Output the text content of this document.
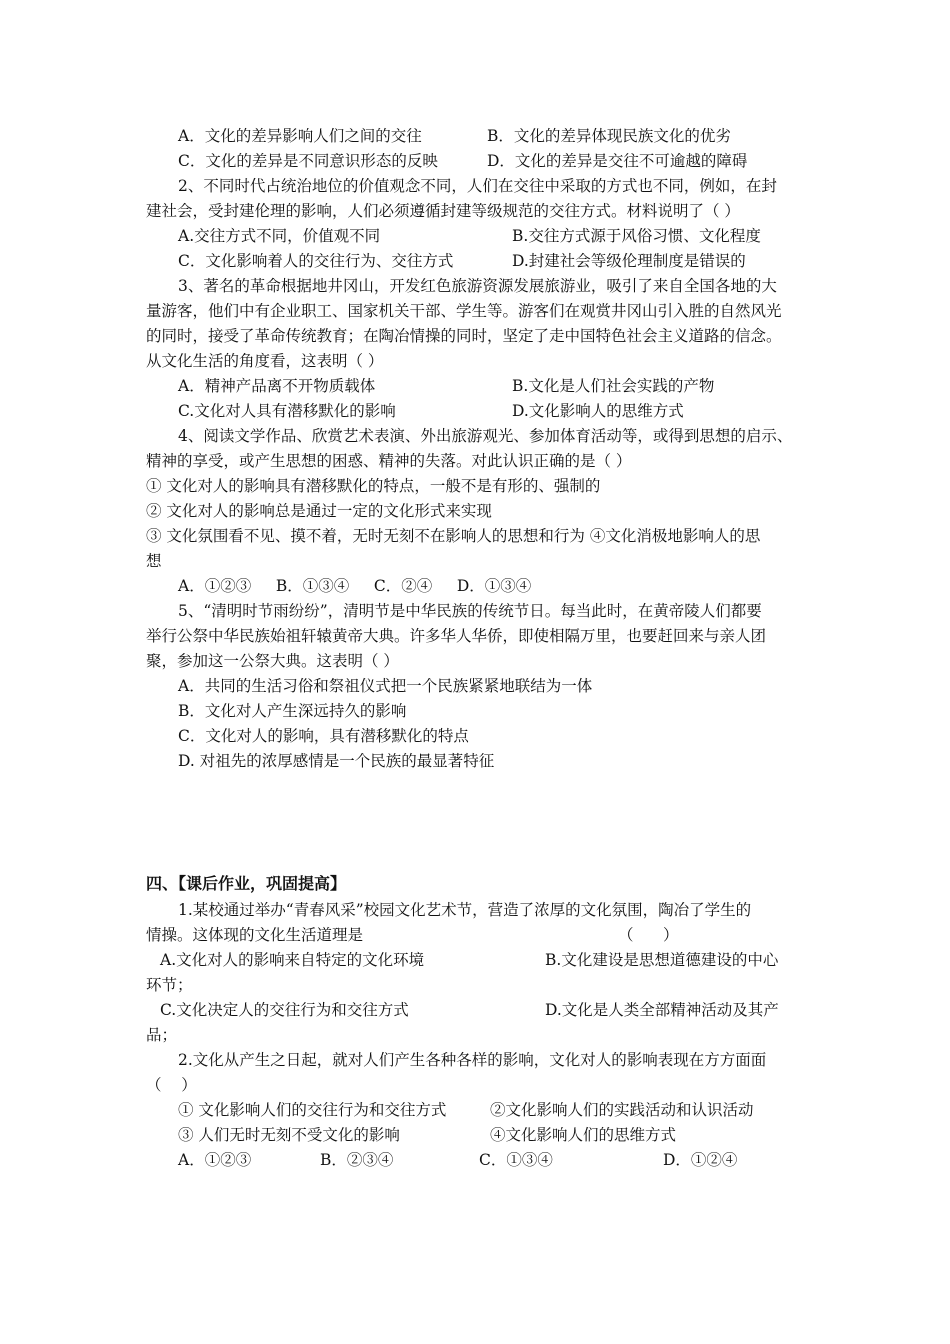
A．文化的差异影响人们之间的交往	B．文化的差异体现民族文化的优劣
C．文化的差异是不同意识形态的反映	D．文化的差异是交往不可逾越的障碍
2、不同时代占统治地位的价值观念不同，人们在交往中采取的方式也不同，例如，在封
建社会，受封建伦理的影响，人们必须遵循封建等级规范的交往方式。材料说明了（ ）
A.交往方式不同，价值观不同	B.交往方式源于风俗习惯、文化程度
C．文化影响着人的交往行为、交往方式	D.封建社会等级伦理制度是错误的
3、著名的革命根据地井冈山，开发红色旅游资源发展旅游业，吸引了来自全国各地的大
量游客，他们中有企业职工、国家机关干部、学生等。游客们在观赏井冈山引入胜的自然风光
的同时，接受了革命传统教育；在陶冶情操的同时，坚定了走中国特色社会主义道路的信念。
从文化生活的角度看，这表明（ ）
A．精神产品离不开物质载体	B.文化是人们社会实践的产物
C.文化对人具有潜移默化的影响	D.文化影响人的思维方式
4、阅读文学作品、欣赏艺术表演、外出旅游观光、参加体育活动等，或得到思想的启示、
精神的享受，或产生思想的困惑、精神的失落。对此认识正确的是（ ）
① 文化对人的影响具有潜移默化的特点，一般不是有形的、强制的
② 文化对人的影响总是通过一定的文化形式来实现
③ 文化氛围看不见、摸不着，无时无刻不在影响人的思想和行为 ④文化消极地影响人的思
想
A．①②③     B．①③④     C．②④     D．①③④
5、“清明时节雨纷纷”，清明节是中华民族的传统节日。每当此时，在黄帝陵人们都要
举行公祭中华民族始祖轩辕黄帝大典。许多华人华侨，即使相隔万里，也要赶回来与亲人团
聚，参加这一公祭大典。这表明（ ）
A．共同的生活习俗和祭祖仪式把一个民族紧紧地联结为一体
B．文化对人产生深远持久的影响
C．文化对人的影响，具有潜移默化的特点
D. 对祖先的浓厚感情是一个民族的最显著特征
四、【课后作业，巩固提高】
1.某校通过举办“青春风采”校园文化艺术节，营造了浓厚的文化氛围，陶冶了学生的
情操。这体现的文化生活道理是	（      ）
A.文化对人的影响来自特定的文化环境	B.文化建设是思想道德建设的中心
环节；
C.文化决定人的交往行为和交往方式	D.文化是人类全部精神活动及其产
品；
2.文化从产生之日起，就对人们产生各种各样的影响，文化对人的影响表现在方方面面
（    ）
① 文化影响人们的交往行为和交往方式	②文化影响人们的实践活动和认识活动
③ 人们无时无刻不受文化的影响	④文化影响人们的思维方式
A．①②③	B．②③④	C．①③④	D．①②④
